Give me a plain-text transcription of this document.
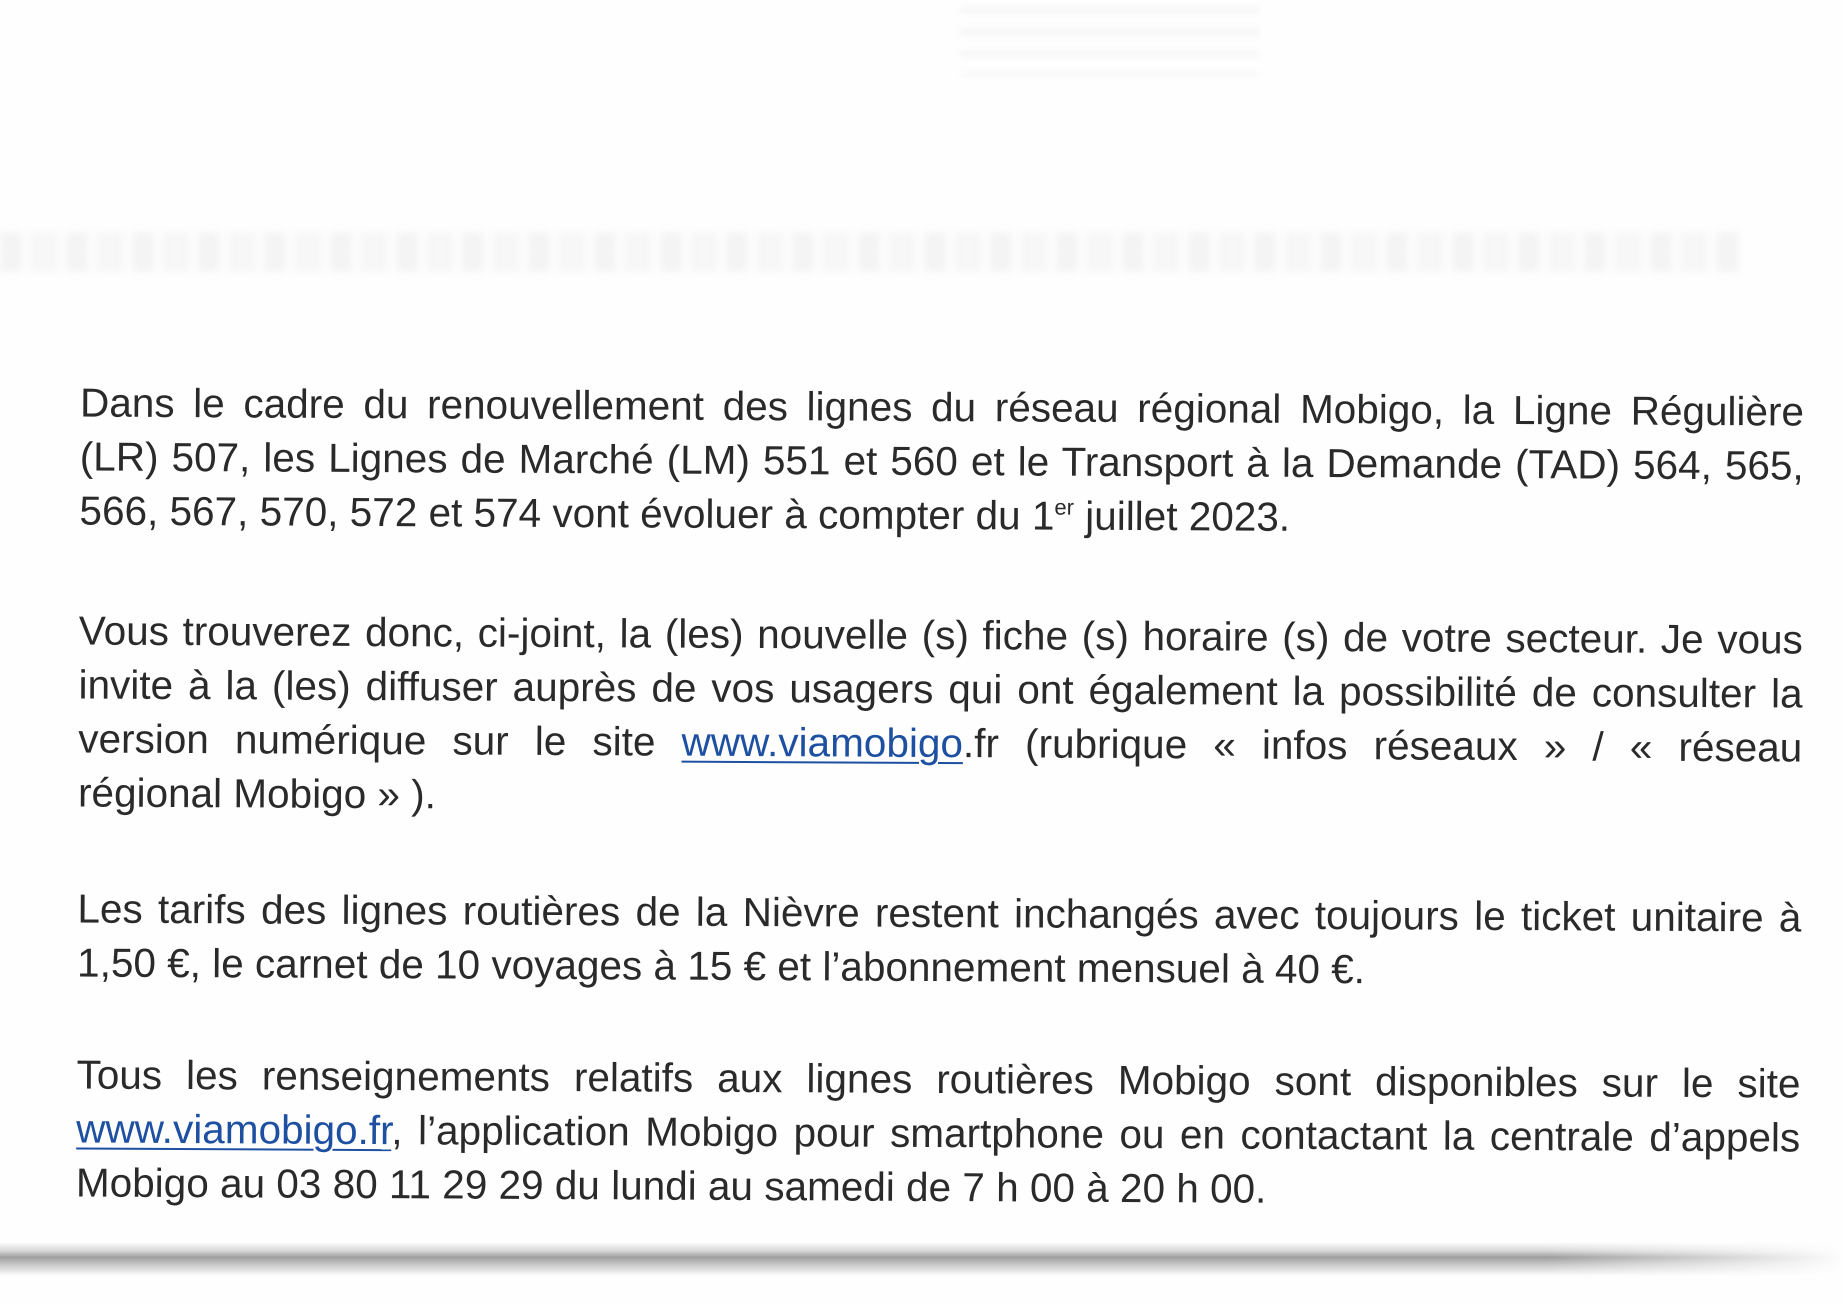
Dans le cadre du renouvellement des lignes du réseau régional Mobigo, la Ligne Régulière
(LR) 507, les Lignes de Marché (LM) 551 et 560 et le Transport à la Demande (TAD) 564, 565,
566, 567, 570, 572 et 574 vont évoluer à compter du 1er juillet 2023.
Vous trouverez donc, ci-joint, la (les) nouvelle (s) fiche (s) horaire (s) de votre secteur. Je vous
invite à la (les) diffuser auprès de vos usagers qui ont également la possibilité de consulter la
version numérique sur le site www.viamobigo.fr (rubrique « infos réseaux » / « réseau
régional Mobigo » ).
Les tarifs des lignes routières de la Nièvre restent inchangés avec toujours le ticket unitaire à
1,50 €, le carnet de 10 voyages à 15 € et l’abonnement mensuel à 40 €.
Tous les renseignements relatifs aux lignes routières Mobigo sont disponibles sur le site
www.viamobigo.fr, l’application Mobigo pour smartphone ou en contactant la centrale d’appels
Mobigo au 03 80 11 29 29 du lundi au samedi de 7 h 00 à 20 h 00.
